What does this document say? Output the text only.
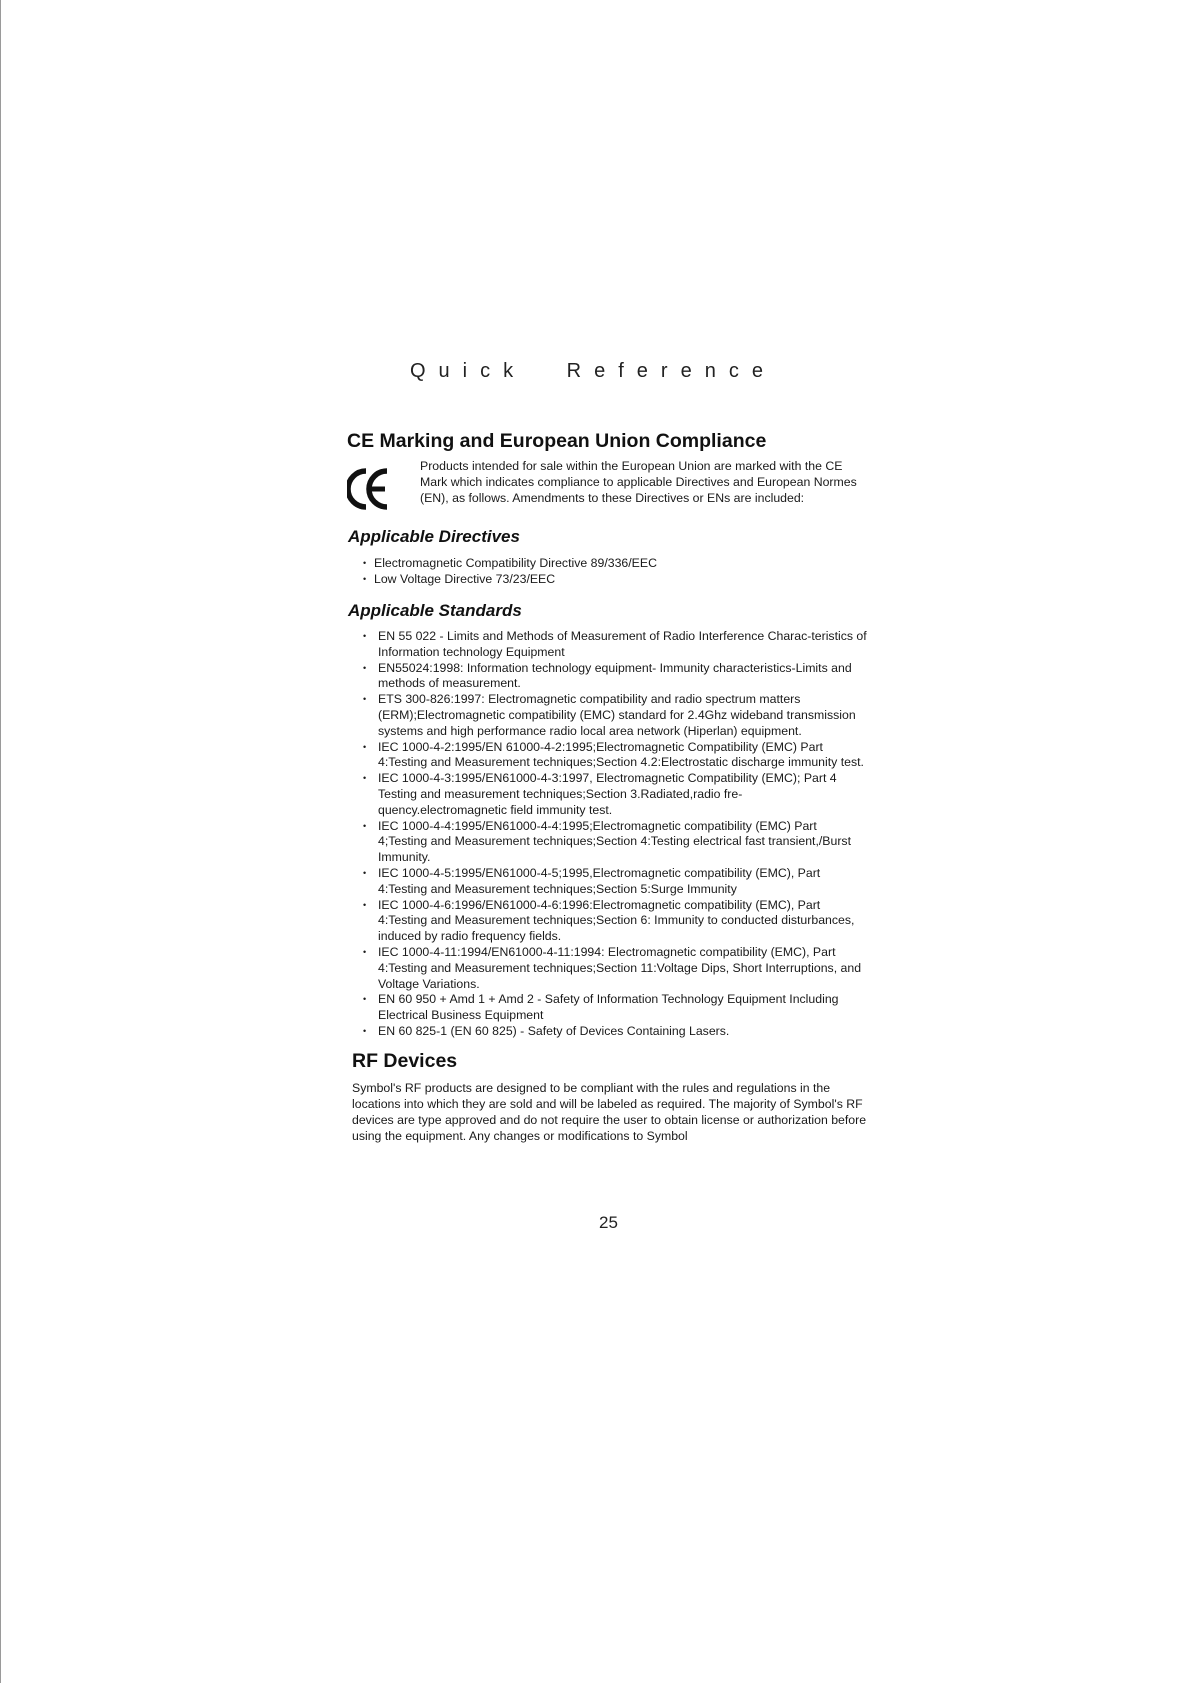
Quick Reference
CE Marking and European Union Compliance

Products intended for sale within the European Union are marked with the CE Mark which indicates compliance to applicable Directives and European Normes (EN), as follows. Amendments to these Directives or ENs are included:

Applicable Directives
• Electromagnetic Compatibility Directive 89/336/EEC
• Low Voltage Directive 73/23/EEC
Applicable Standards
• EN 55 022 - Limits and Methods of Measurement of Radio Interference Charac-teristics of Information technology Equipment
• EN55024:1998: Information technology equipment- Immunity characteristics-Limits and methods of measurement.
• ETS 300-826:1997: Electromagnetic compatibility and radio spectrum matters (ERM);Electromagnetic compatibility (EMC) standard for 2.4Ghz wideband transmission systems and high performance radio local area network (Hiperlan) equipment.
• IEC 1000-4-2:1995/EN 61000-4-2:1995;Electromagnetic Compatibility (EMC) Part 4:Testing and Measurement techniques;Section 4.2:Electrostatic discharge immunity test.
• IEC 1000-4-3:1995/EN61000-4-3:1997, Electromagnetic Compatibility (EMC); Part 4 Testing and measurement techniques;Section 3.Radiated,radio fre-quency.electromagnetic field immunity test.
• IEC 1000-4-4:1995/EN61000-4-4:1995;Electromagnetic compatibility (EMC) Part 4;Testing and Measurement techniques;Section 4:Testing electrical fast transient,/Burst Immunity.
• IEC 1000-4-5:1995/EN61000-4-5;1995,Electromagnetic compatibility (EMC), Part 4:Testing and Measurement techniques;Section 5:Surge Immunity
• IEC 1000-4-6:1996/EN61000-4-6:1996:Electromagnetic compatibility (EMC), Part 4:Testing and Measurement techniques;Section 6: Immunity to conducted disturbances, induced by radio frequency fields.
• IEC 1000-4-11:1994/EN61000-4-11:1994: Electromagnetic compatibility (EMC), Part 4:Testing and Measurement techniques;Section 11:Voltage Dips, Short Interruptions, and Voltage Variations.
• EN 60 950 + Amd 1 + Amd 2 - Safety of Information Technology Equipment Including Electrical Business Equipment
• EN 60 825-1 (EN 60 825) - Safety of Devices Containing Lasers.
RF Devices

Symbol's RF products are designed to be compliant with the rules and regulations in the locations into which they are sold and will be labeled as required. The majority of Symbol's RF devices are type approved and do not require the user to obtain license or authorization before using the equipment. Any changes or modifications to Symbol

25
